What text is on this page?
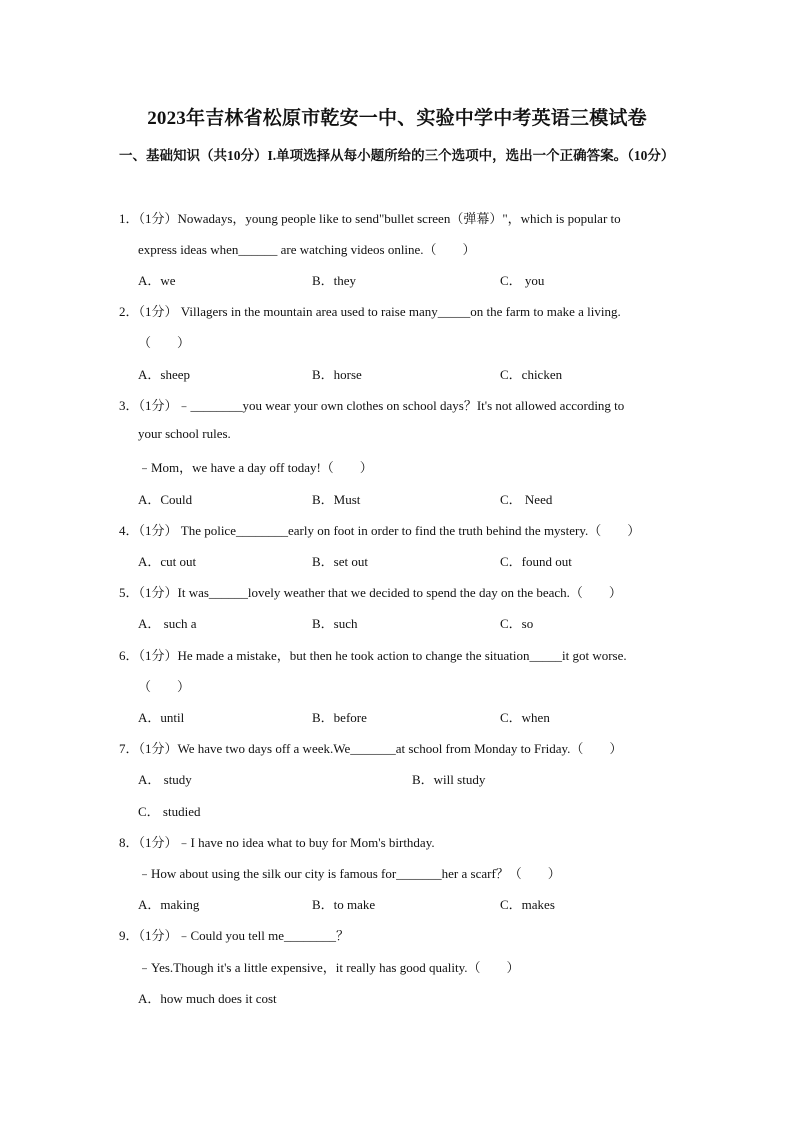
2023年吉林省松原市乾安一中、实验中学中考英语三模试卷
一、基础知识（共10分）I.单项选择从每小题所给的三个选项中，选出一个正确答案。（10分）
1．（1分）Nowadays，young people like to send"bullet screen（弹幕）"，which is popular to
express ideas when______ are watching videos online.（　　）
A．we	B．they	C． you
2．（1分） Villagers in the mountain area used to raise many_____on the farm to make a living.
（　　）
A．sheep	B．horse	C．chicken
3．（1分）﹣________you wear your own clothes on school days？It's not allowed according to
your school rules.
﹣Mom，we have a day off today!（　　）
A．Could	B．Must	C． Need
4．（1分） The police________early on foot in order to find the truth behind the mystery.（　　）
A．cut out	B．set out	C．found out
5．（1分）It was______lovely weather that we decided to spend the day on the beach.（　　）
A． such a	B．such	C．so
6．（1分）He made a mistake，but then he took action to change the situation_____it got worse.
（　　）
A．until	B．before	C．when
7．（1分）We have two days off a week.We_______at school from Monday to Friday.（　　）
A． study	B．will study
C． studied
8．（1分）﹣I have no idea what to buy for Mom's birthday.
﹣How about using the silk our city is famous for_______her a scarf？（　　）
A．making	B．to make	C．makes
9．（1分）﹣Could you tell me________？
﹣Yes.Though it's a little expensive，it really has good quality.（　　）
A．how much does it cost
